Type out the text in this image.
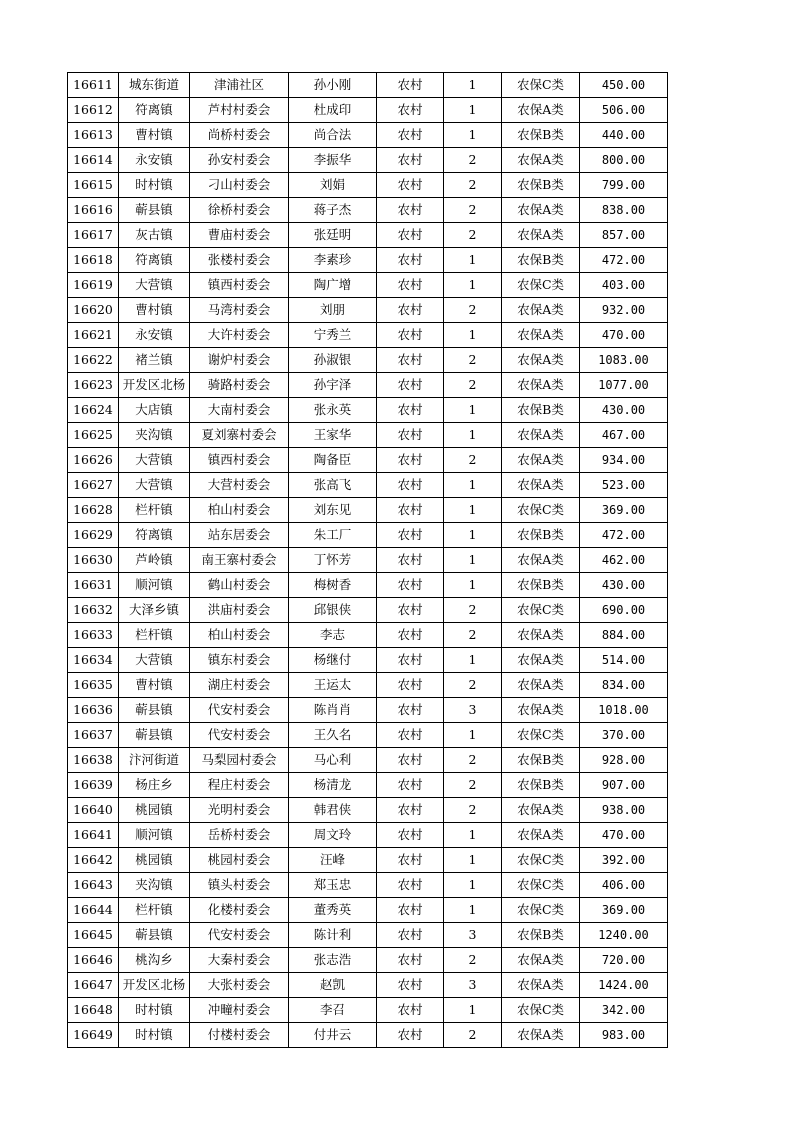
16611	城东街道	津浦社区	孙小刚	农村	1	农保C类	450.00
16612	符离镇	芦村村委会	杜成印	农村	1	农保A类	506.00
16613	曹村镇	尚桥村委会	尚合法	农村	1	农保B类	440.00
16614	永安镇	孙安村委会	李振华	农村	2	农保A类	800.00
16615	时村镇	刁山村委会	刘娟	农村	2	农保B类	799.00
16616	蕲县镇	徐桥村委会	蒋子杰	农村	2	农保A类	838.00
16617	灰古镇	曹庙村委会	张廷明	农村	2	农保A类	857.00
16618	符离镇	张楼村委会	李素珍	农村	1	农保B类	472.00
16619	大营镇	镇西村委会	陶广增	农村	1	农保C类	403.00
16620	曹村镇	马湾村委会	刘朋	农村	2	农保A类	932.00
16621	永安镇	大许村委会	宁秀兰	农村	1	农保A类	470.00
16622	褚兰镇	谢炉村委会	孙淑银	农村	2	农保A类	1083.00
16623	开发区北杨	骑路村委会	孙宇泽	农村	2	农保A类	1077.00
16624	大店镇	大南村委会	张永英	农村	1	农保B类	430.00
16625	夹沟镇	夏刘寨村委会	王家华	农村	1	农保A类	467.00
16626	大营镇	镇西村委会	陶备臣	农村	2	农保A类	934.00
16627	大营镇	大营村委会	张高飞	农村	1	农保A类	523.00
16628	栏杆镇	柏山村委会	刘东见	农村	1	农保C类	369.00
16629	符离镇	站东居委会	朱工厂	农村	1	农保B类	472.00
16630	芦岭镇	南王寨村委会	丁怀芳	农村	1	农保A类	462.00
16631	顺河镇	鹤山村委会	梅树香	农村	1	农保B类	430.00
16632	大泽乡镇	洪庙村委会	邱银侠	农村	2	农保C类	690.00
16633	栏杆镇	柏山村委会	李志	农村	2	农保A类	884.00
16634	大营镇	镇东村委会	杨继付	农村	1	农保A类	514.00
16635	曹村镇	湖庄村委会	王运太	农村	2	农保A类	834.00
16636	蕲县镇	代安村委会	陈肖肖	农村	3	农保A类	1018.00
16637	蕲县镇	代安村委会	王久名	农村	1	农保C类	370.00
16638	汴河街道	马梨园村委会	马心利	农村	2	农保B类	928.00
16639	杨庄乡	程庄村委会	杨清龙	农村	2	农保B类	907.00
16640	桃园镇	光明村委会	韩君侠	农村	2	农保A类	938.00
16641	顺河镇	岳桥村委会	周文玲	农村	1	农保A类	470.00
16642	桃园镇	桃园村委会	汪峰	农村	1	农保C类	392.00
16643	夹沟镇	镇头村委会	郑玉忠	农村	1	农保C类	406.00
16644	栏杆镇	化楼村委会	董秀英	农村	1	农保C类	369.00
16645	蕲县镇	代安村委会	陈计利	农村	3	农保B类	1240.00
16646	桃沟乡	大秦村委会	张志浩	农村	2	农保A类	720.00
16647	开发区北杨	大张村委会	赵凯	农村	3	农保A类	1424.00
16648	时村镇	冲疃村委会	李召	农村	1	农保C类	342.00
16649	时村镇	付楼村委会	付井云	农村	2	农保A类	983.00
